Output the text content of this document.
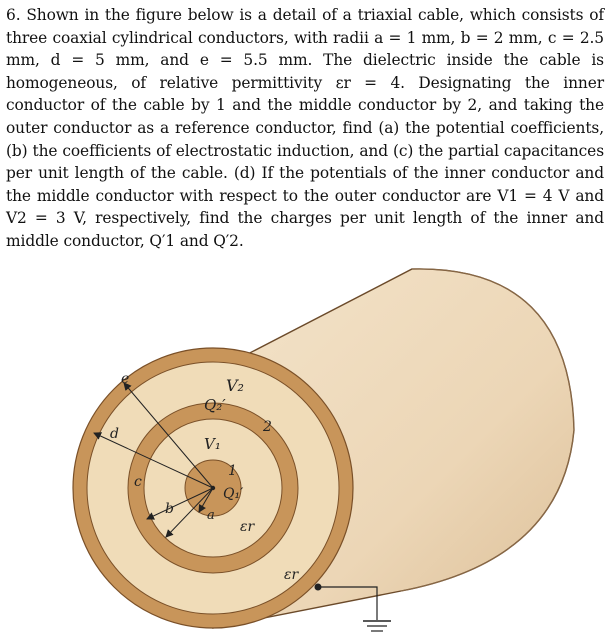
6. Shown in the figure below is a detail of a triaxial cable, which consists of three coaxial cylindrical conductors, with radii a = 1 mm, b = 2 mm, c = 2.5 mm, d = 5 mm, and e = 5.5 mm. The dielectric inside the cable is homogeneous, of relative permittivity εr = 4. Designating the inner conductor of the cable by 1 and the middle conductor by 2, and taking the outer conductor as a reference conductor, find (a) the potential coefficients, (b) the coefficients of electrostatic induction, and (c) the partial capacitances per unit length of the cable. (d) If the potentials of the inner conductor and the middle conductor with respect to the outer conductor are V1 = 4 V and V2 = 3 V, respectively, find the charges per unit length of the inner and middle conductor, Q′1 and Q′2.
e
d
c
b	a
V₂
Q₂′
2
V₁
1
Q₁′
εr
εr
